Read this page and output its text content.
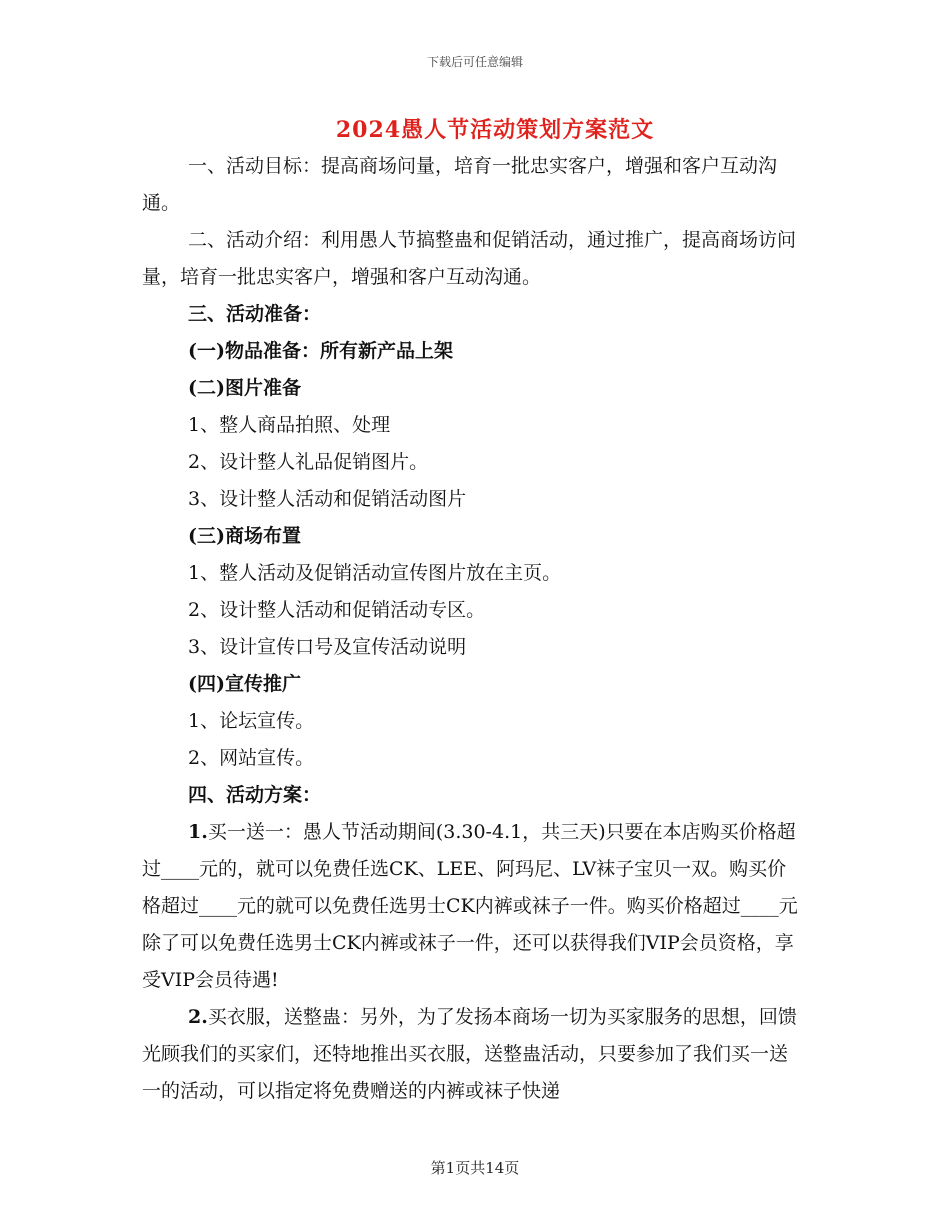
下载后可任意编辑
2024愚人节活动策划方案范文

一、活动目标：提高商场问量，培育一批忠实客户，增强和客户互动沟通。

二、活动介绍：利用愚人节搞整蛊和促销活动，通过推广，提高商场访问量，培育一批忠实客户，增强和客户互动沟通。

三、活动准备：

(一)物品准备：所有新产品上架

(二)图片准备

1、整人商品拍照、处理

2、设计整人礼品促销图片。

3、设计整人活动和促销活动图片

(三)商场布置

1、整人活动及促销活动宣传图片放在主页。

2、设计整人活动和促销活动专区。

3、设计宣传口号及宣传活动说明

(四)宣传推广

1、论坛宣传。

2、网站宣传。

四、活动方案：

1.买一送一：愚人节活动期间(3.30-4.1，共三天)只要在本店购买价格超过____元的，就可以免费任选CK、LEE、阿玛尼、LV袜子宝贝一双。购买价格超过____元的就可以免费任选男士CK内裤或袜子一件。购买价格超过____元除了可以免费任选男士CK内裤或袜子一件，还可以获得我们VIP会员资格，享受VIP会员待遇!

2.买衣服，送整蛊：另外，为了发扬本商场一切为买家服务的思想，回馈光顾我们的买家们，还特地推出买衣服，送整蛊活动，只要参加了我们买一送一的活动，可以指定将免费赠送的内裤或袜子快递

第1页共14页
